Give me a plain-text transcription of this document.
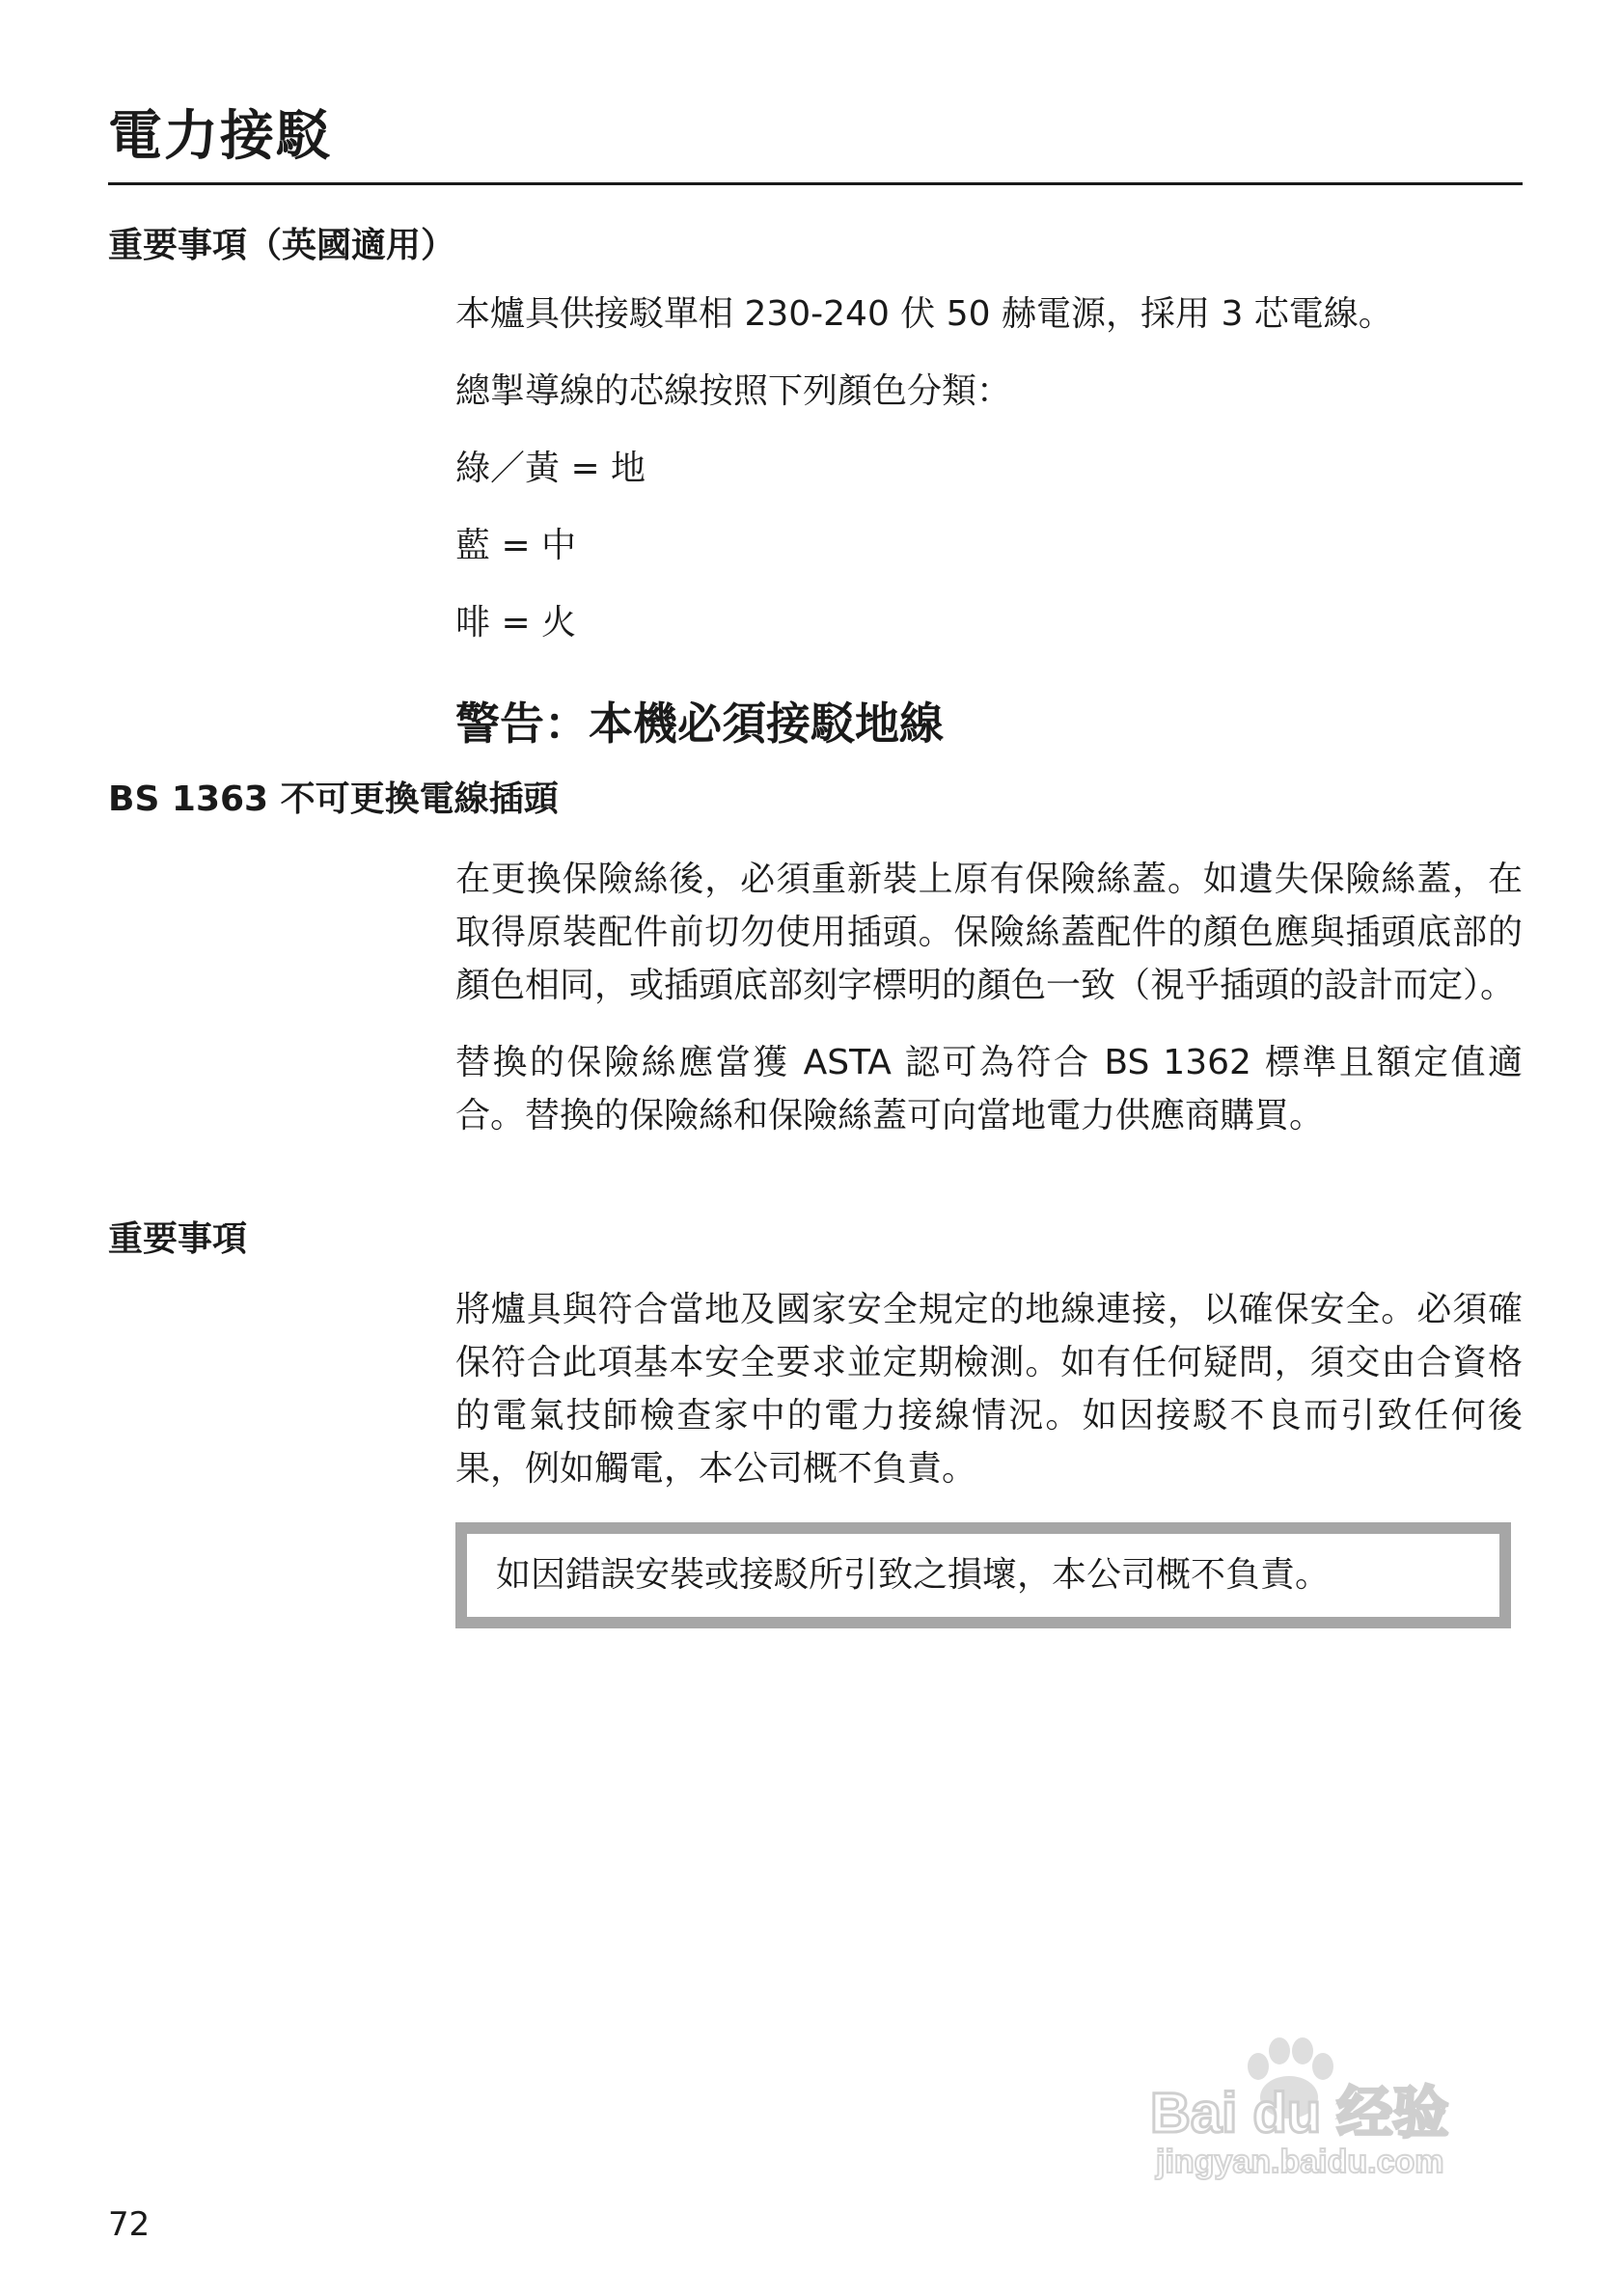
電力接駁
重要事項（英國適用）

本爐具供接駁單相 230-240 伏 50 赫電源，採用 3 芯電線。

總掣導線的芯線按照下列顏色分類：

綠／黃 = 地

藍 = 中

啡 = 火

警告：本機必須接駁地線
BS 1363 不可更換電線插頭

在更換保險絲後，必須重新裝上原有保險絲蓋。如遺失保險絲蓋，在取得原裝配件前切勿使用插頭。保險絲蓋配件的顏色應與插頭底部的顏色相同，或插頭底部刻字標明的顏色一致（視乎插頭的設計而定）。

替換的保險絲應當獲 ASTA 認可為符合 BS 1362 標準且額定值適合。替換的保險絲和保險絲蓋可向當地電力供應商購買。

重要事項

將爐具與符合當地及國家安全規定的地線連接，以確保安全。必須確保符合此項基本安全要求並定期檢測。如有任何疑問，須交由合資格的電氣技師檢查家中的電力接線情況。如因接駁不良而引致任何後果，例如觸電，本公司概不負責。

如因錯誤安裝或接駁所引致之損壞，本公司概不負責。
72
Bai du 经验
jingyan.baidu.com
